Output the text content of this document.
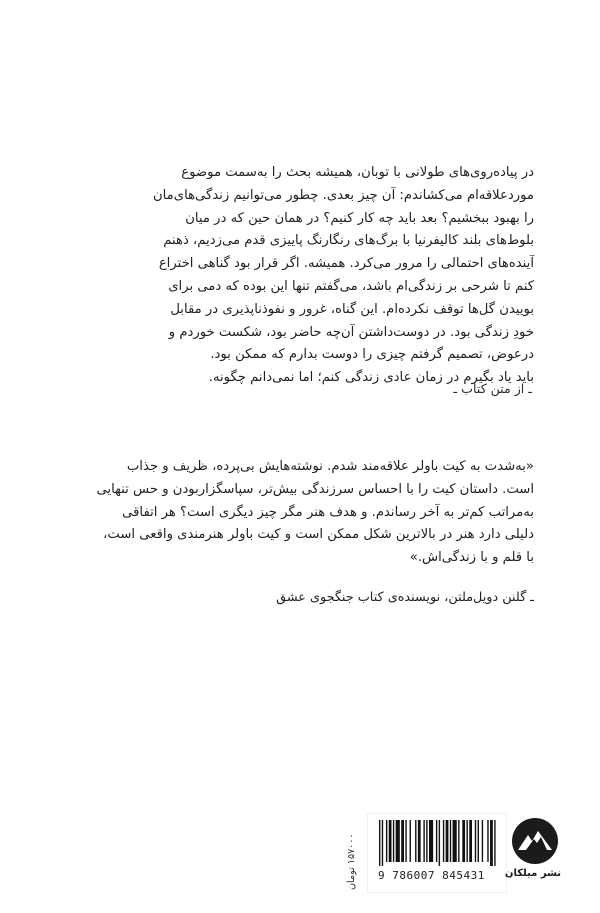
در پیاده‌روی‌های طولانی با توبان، همیشه بحث را به‌سمت موضوع
موردعلاقه‌ام می‌کشاندم: آن چیز بعدی. چطور می‌توانیم زندگی‌های‌مان
را بهبود ببخشیم؟ بعد باید چه کار کنیم؟ در همان حین که در میان
بلوط‌های بلند کالیفرنیا با برگ‌های رنگارنگ پاییزی قدم می‌زدیم، ذهنم
آینده‌های احتمالی را مرور می‌کرد. همیشه. اگر قرار بود گناهی اختراع
کنم تا شرحی بر زندگی‌ام باشد، می‌گفتم تنها این بوده که دمی برای
بوییدن گل‌ها توقف نکرده‌ام. این گناه، غرور و نفوذناپذیری در مقابل
خودِ زندگی بود. در دوست‌داشتن آن‌چه حاضر بود، شکست خوردم و
درعوض، تصمیم گرفتم چیزی را دوست بدارم که ممکن بود.
باید یاد بگیرم در زمان عادی زندگی کنم؛ اما نمی‌دانم چگونه.
ـ از متن کتاب ـ
«به‌شدت به کیت باولر علاقه‌مند شدم. نوشته‌هایش بی‌پرده، ظریف و جذاب
است. داستان کیت را با احساس سرزندگی بیش‌تر، سپاسگزاربودن و حس تنهایی
به‌مراتب کم‌تر به آخر رساندم. و هدف هنر مگر چیز دیگری است؟ هر اتفاقی
دلیلی دارد هنر در بالاترین شکل ممکن است و کیت باولر هنرمندی واقعی است،
با قلم و با زندگی‌اش.»
ـ گلنن دویل‌ملتن، نویسنده‌ی کتاب جنگجوی عشق
۱۵۷۰۰۰ تومان
9 786007 845431	نشر میلکان
